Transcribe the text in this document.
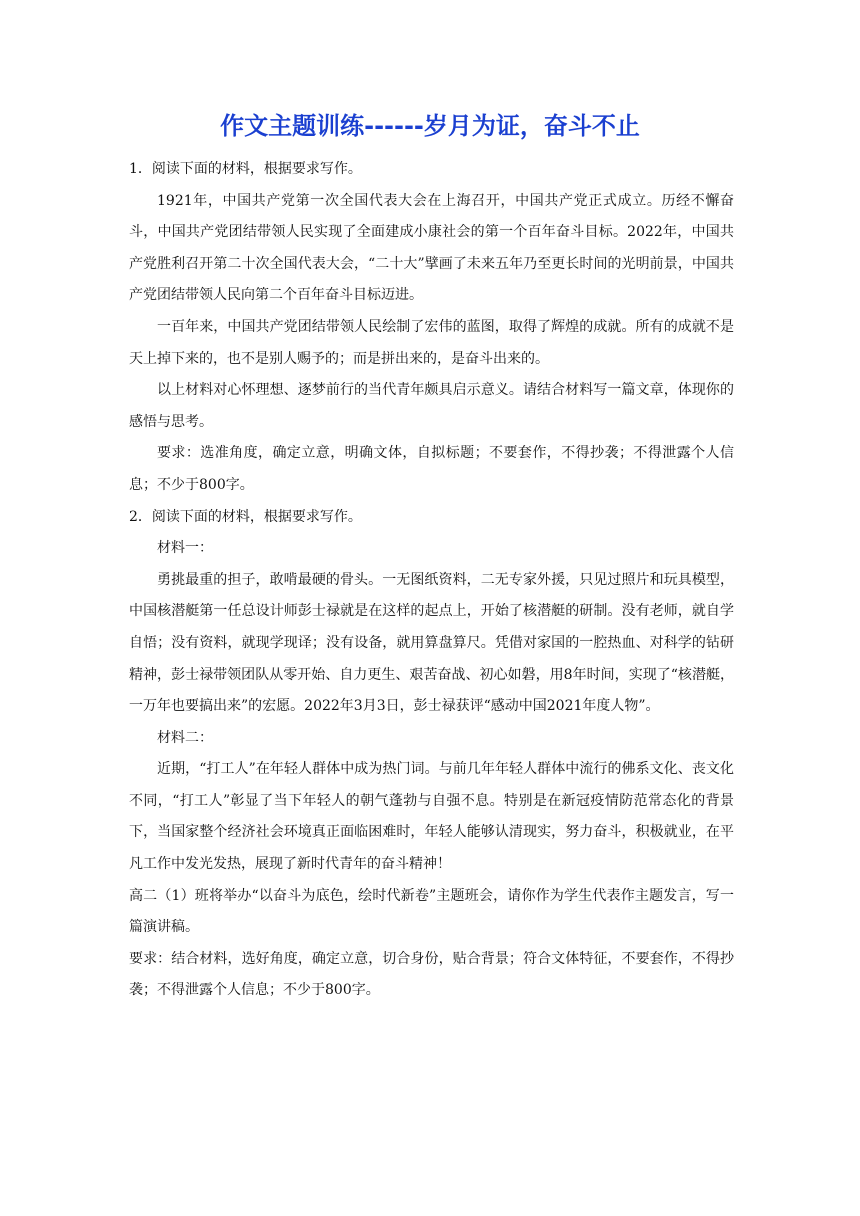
作文主题训练------岁月为证，奋斗不止

1．阅读下面的材料，根据要求写作。

1921年，中国共产党第一次全国代表大会在上海召开，中国共产党正式成立。历经不懈奋斗，中国共产党团结带领人民实现了全面建成小康社会的第一个百年奋斗目标。2022年，中国共产党胜利召开第二十次全国代表大会，“二十大”擘画了未来五年乃至更长时间的光明前景，中国共产党团结带领人民向第二个百年奋斗目标迈进。

一百年来，中国共产党团结带领人民绘制了宏伟的蓝图，取得了辉煌的成就。所有的成就不是天上掉下来的，也不是别人赐予的；而是拼出来的，是奋斗出来的。

以上材料对心怀理想、逐梦前行的当代青年颇具启示意义。请结合材料写一篇文章，体现你的感悟与思考。

要求：选准角度，确定立意，明确文体，自拟标题；不要套作，不得抄袭；不得泄露个人信息；不少于800字。

2．阅读下面的材料，根据要求写作。

材料一：

勇挑最重的担子，敢啃最硬的骨头。一无图纸资料，二无专家外援，只见过照片和玩具模型，中国核潜艇第一任总设计师彭士禄就是在这样的起点上，开始了核潜艇的研制。没有老师，就自学自悟；没有资料，就现学现译；没有设备，就用算盘算尺。凭借对家国的一腔热血、对科学的钻研精神，彭士禄带领团队从零开始、自力更生、艰苦奋战、初心如磐，用8年时间，实现了“核潜艇，一万年也要搞出来”的宏愿。2022年3月3日，彭士禄获评“感动中国2021年度人物”。

材料二：

近期，“打工人”在年轻人群体中成为热门词。与前几年年轻人群体中流行的佛系文化、丧文化不同，“打工人”彰显了当下年轻人的朝气蓬勃与自强不息。特别是在新冠疫情防范常态化的背景下，当国家整个经济社会环境真正面临困难时，年轻人能够认清现实，努力奋斗，积极就业，在平凡工作中发光发热，展现了新时代青年的奋斗精神！

高二（1）班将举办“以奋斗为底色，绘时代新卷”主题班会，请你作为学生代表作主题发言，写一篇演讲稿。

要求：结合材料，选好角度，确定立意，切合身份，贴合背景；符合文体特征，不要套作，不得抄袭；不得泄露个人信息；不少于800字。
